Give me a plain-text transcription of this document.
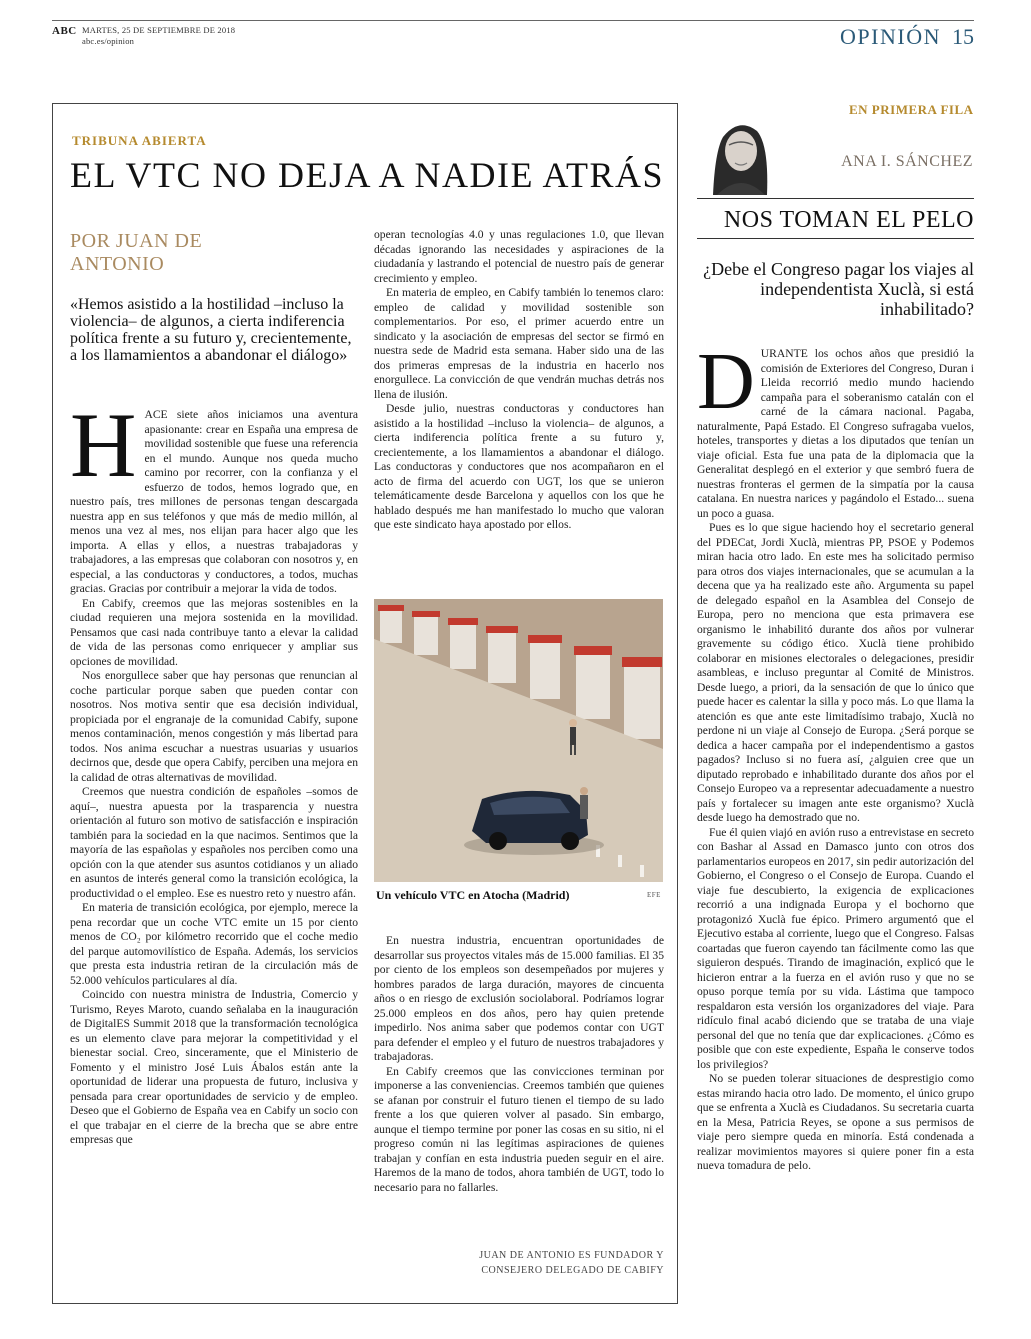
ABC MARTES, 25 DE SEPTIEMBRE DE 2018
abc.es/opinion	OPINIÓN 15
TRIBUNA ABIERTA
EL VTC NO DEJA A NADIE ATRÁS
POR JUAN DE ANTONIO
«Hemos asistido a la hostilidad –incluso la violencia– de algunos, a cierta indiferencia política frente a su futuro y, crecientemente, a los llamamientos a abandonar el diálogo»

HACE siete años iniciamos una aventura apasionante: crear en España una empresa de movilidad sostenible que fuese una referencia en el mundo. Aunque nos queda mucho camino por recorrer, con la confianza y el esfuerzo de todos, hemos logrado que, en nuestro país, tres millones de personas tengan descargada nuestra app en sus teléfonos y que más de medio millón, al menos una vez al mes, nos elijan para hacer algo que les importa. A ellas y ellos, a nuestras trabajadoras y trabajadores, a las empresas que colaboran con nosotros y, en especial, a las conductoras y conductores, a todos, muchas gracias. Gracias por contribuir a mejorar la vida de todos.

En Cabify, creemos que las mejoras sostenibles en la ciudad requieren una mejora sostenida en la movilidad. Pensamos que casi nada contribuye tanto a elevar la calidad de vida de las personas como enriquecer y ampliar sus opciones de movilidad.

Nos enorgullece saber que hay personas que renuncian al coche particular porque saben que pueden contar con nosotros. Nos motiva sentir que esa decisión individual, propiciada por el engranaje de la comunidad Cabify, supone menos contaminación, menos congestión y más libertad para todos. Nos anima escuchar a nuestras usuarias y usuarios decirnos que, desde que opera Cabify, perciben una mejora en la calidad de otras alternativas de movilidad.

Creemos que nuestra condición de españoles –somos de aquí–, nuestra apuesta por la trasparencia y nuestra orientación al futuro son motivo de satisfacción e inspiración también para la sociedad en la que nacimos. Sentimos que la mayoría de las españolas y españoles nos perciben como una opción con la que atender sus asuntos cotidianos y un aliado en asuntos de interés general como la transición ecológica, la productividad o el empleo. Ese es nuestro reto y nuestro afán.

En materia de transición ecológica, por ejemplo, merece la pena recordar que un coche VTC emite un 15 por ciento menos de CO₂ por kilómetro recorrido que el coche medio del parque automovilístico de España. Además, los servicios que presta esta industria retiran de la circulación más de 52.000 vehículos particulares al día.

Coincido con nuestra ministra de Industria, Comercio y Turismo, Reyes Maroto, cuando señalaba en la inauguración de DigitalES Summit 2018 que la transformación tecnológica es un elemento clave para mejorar la competitividad y el bienestar social. Creo, sinceramente, que el Ministerio de Fomento y el ministro José Luis Ábalos están ante la oportunidad de liderar una propuesta de futuro, inclusiva y pensada para crear oportunidades de servicio y de empleo. Deseo que el Gobierno de España vea en Cabify un socio con el que trabajar en el cierre de la brecha que se abre entre empresas que

operan tecnologías 4.0 y unas regulaciones 1.0, que llevan décadas ignorando las necesidades y aspiraciones de la ciudadanía y lastrando el potencial de nuestro país de generar crecimiento y empleo.

En materia de empleo, en Cabify también lo tenemos claro: empleo de calidad y movilidad sostenible son complementarios. Por eso, el primer acuerdo entre un sindicato y la asociación de empresas del sector se firmó en nuestra sede de Madrid esta semana. Haber sido una de las dos primeras empresas de la industria en hacerlo nos enorgullece. La convicción de que vendrán muchas detrás nos llena de ilusión.

Desde julio, nuestras conductoras y conductores han asistido a la hostilidad –incluso la violencia– de algunos, a cierta indiferencia política frente a su futuro y, crecientemente, a los llamamientos a abandonar el diálogo. Las conductoras y conductores que nos acompañaron en el acto de firma del acuerdo con UGT, los que se unieron telemáticamente desde Barcelona y aquellos con los que he hablado después me han manifestado lo mucho que valoran que este sindicato haya apostado por ellos.

Un vehículo VTC en Atocha (Madrid)	EFE

En nuestra industria, encuentran oportunidades de desarrollar sus proyectos vitales más de 15.000 familias. El 35 por ciento de los empleos son desempeñados por mujeres y hombres parados de larga duración, mayores de cincuenta años o en riesgo de exclusión sociolaboral. Podríamos lograr 25.000 empleos en dos años, pero hay quien pretende impedirlo. Nos anima saber que podemos contar con UGT para defender el empleo y el futuro de nuestros trabajadores y trabajadoras.

En Cabify creemos que las convicciones terminan por imponerse a las conveniencias. Creemos también que quienes se afanan por construir el futuro tienen el tiempo de su lado frente a los que quieren volver al pasado. Sin embargo, aunque el tiempo termine por poner las cosas en su sitio, ni el progreso común ni las legítimas aspiraciones de quienes trabajan y confían en esta industria pueden seguir en el aire. Haremos de la mano de todos, ahora también de UGT, todo lo necesario para no fallarles.

JUAN DE ANTONIO ES FUNDADOR Y CONSEJERO DELEGADO DE CABIFY
EN PRIMERA FILA
ANA I. SÁNCHEZ
NOS TOMAN EL PELO
¿Debe el Congreso pagar los viajes al independentista Xuclà, si está inhabilitado?

DURANTE los ochos años que presidió la comisión de Exteriores del Congreso, Duran i Lleida recorrió medio mundo haciendo campaña para el soberanismo catalán con el carné de la cámara nacional. Pagaba, naturalmente, Papá Estado. El Congreso sufragaba vuelos, hoteles, transportes y dietas a los diputados que tenían un viaje oficial. Esta fue una pata de la diplomacia que la Generalitat desplegó en el exterior y que sembró fuera de nuestras fronteras el germen de la simpatía por la causa catalana. En nuestra narices y pagándolo el Estado... suena un poco a guasa.

Pues es lo que sigue haciendo hoy el secretario general del PDECat, Jordi Xuclà, mientras PP, PSOE y Podemos miran hacia otro lado. En este mes ha solicitado permiso para otros dos viajes internacionales, que se acumulan a la decena que ya ha realizado este año. Argumenta su papel de delegado español en la Asamblea del Consejo de Europa, pero no menciona que esta primavera ese organismo le inhabilitó durante dos años por vulnerar gravemente su código ético. Xuclà tiene prohibido colaborar en misiones electorales o delegaciones, presidir asambleas, e incluso preguntar al Comité de Ministros. Desde luego, a priori, da la sensación de que lo único que puede hacer es calentar la silla y poco más. Lo que llama la atención es que ante este limitadísimo trabajo, Xuclà no perdone ni un viaje al Consejo de Europa. ¿Será porque se dedica a hacer campaña por el independentismo a gastos pagados? Incluso si no fuera así, ¿alguien cree que un diputado reprobado e inhabilitado durante dos años por el Consejo Europeo va a representar adecuadamente a nuestro país y fortalecer su imagen ante este organismo? Xuclà desde luego ha demostrado que no.

Fue él quien viajó en avión ruso a entrevistase en secreto con Bashar al Assad en Damasco junto con otros dos parlamentarios europeos en 2017, sin pedir autorización del Gobierno, el Congreso o el Consejo de Europa. Cuando el viaje fue descubierto, la exigencia de explicaciones recorrió a una indignada Europa y el bochorno que protagonizó Xuclà fue épico. Primero argumentó que el Ejecutivo estaba al corriente, luego que el Congreso. Falsas coartadas que fueron cayendo tan fácilmente como las que siguieron después. Tirando de imaginación, explicó que le hicieron entrar a la fuerza en el avión ruso y que no se opuso porque temía por su vida. Lástima que tampoco respaldaron esta versión los organizadores del viaje. Para ridículo final acabó diciendo que se trataba de una viaje personal del que no tenía que dar explicaciones. ¿Cómo es posible que con este expediente, España le conserve todos los privilegios?

No se pueden tolerar situaciones de desprestigio como estas mirando hacia otro lado. De momento, el único grupo que se enfrenta a Xuclà es Ciudadanos. Su secretaria cuarta en la Mesa, Patricia Reyes, se opone a sus permisos de viaje pero siempre queda en minoría. Está condenada a realizar movimientos mayores si quiere poner fin a esta nueva tomadura de pelo.
